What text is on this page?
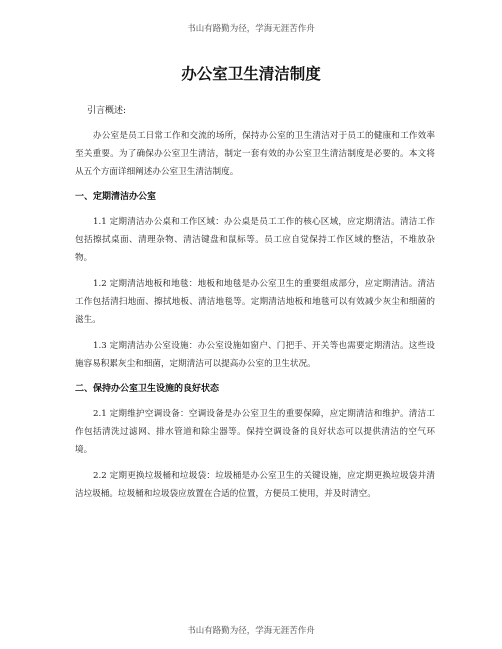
书山有路勤为径，学海无涯苦作舟
办公室卫生清洁制度

引言概述:

办公室是员工日常工作和交流的场所，保持办公室的卫生清洁对于员工的健康和工作效率至关重要。为了确保办公室卫生清洁，制定一套有效的办公室卫生清洁制度是必要的。本文将从五个方面详细阐述办公室卫生清洁制度。

一、定期清洁办公室

1.1 定期清洁办公桌和工作区域：办公桌是员工工作的核心区域，应定期清洁。清洁工作包括擦拭桌面、清理杂物、清洁键盘和鼠标等。员工应自觉保持工作区域的整洁，不堆放杂物。

1.2 定期清洁地板和地毯：地板和地毯是办公室卫生的重要组成部分，应定期清洁。清洁工作包括清扫地面、擦拭地板、清洁地毯等。定期清洁地板和地毯可以有效减少灰尘和细菌的滋生。

1.3 定期清洁办公室设施：办公室设施如窗户、门把手、开关等也需要定期清洁。这些设施容易积累灰尘和细菌，定期清洁可以提高办公室的卫生状况。

二、保持办公室卫生设施的良好状态

2.1 定期维护空调设备：空调设备是办公室卫生的重要保障，应定期清洁和维护。清洁工作包括清洗过滤网、排水管道和除尘器等。保持空调设备的良好状态可以提供清洁的空气环境。

2.2 定期更换垃圾桶和垃圾袋：垃圾桶是办公室卫生的关键设施，应定期更换垃圾袋并清洁垃圾桶。垃圾桶和垃圾袋应放置在合适的位置，方便员工使用，并及时清空。

书山有路勤为径，学海无涯苦作舟
